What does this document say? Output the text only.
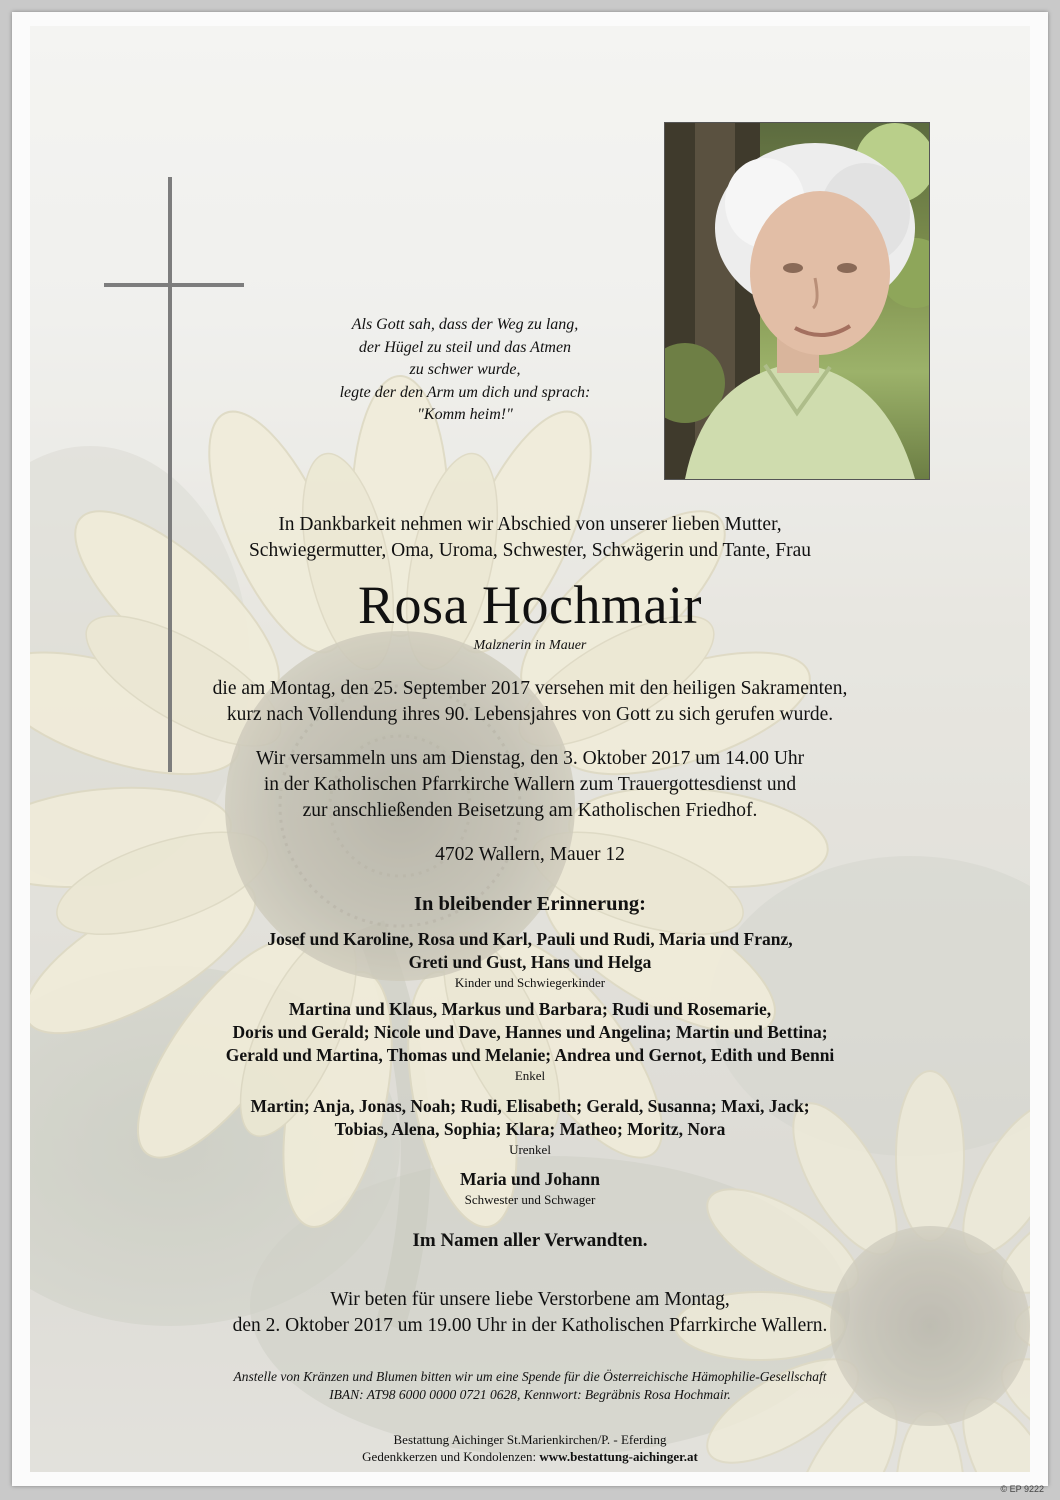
Als Gott sah, dass der Weg zu lang,
der Hügel zu steil und das Atmen
zu schwer wurde,
legte der den Arm um dich und sprach:
"Komm heim!"
In Dankbarkeit nehmen wir Abschied von unserer lieben Mutter,
Schwiegermutter, Oma, Uroma, Schwester, Schwägerin und Tante, Frau
Rosa Hochmair
Malznerin in Mauer
die am Montag, den 25. September 2017 versehen mit den heiligen Sakramenten,
kurz nach Vollendung ihres 90. Lebensjahres von Gott zu sich gerufen wurde.
Wir versammeln uns am Dienstag, den 3. Oktober 2017 um 14.00 Uhr
in der Katholischen Pfarrkirche Wallern zum Trauergottesdienst und
zur anschließenden Beisetzung am Katholischen Friedhof.
4702 Wallern, Mauer 12
In bleibender Erinnerung:
Josef und Karoline, Rosa und Karl, Pauli und Rudi, Maria und Franz,
Greti und Gust, Hans und Helga
Kinder und Schwiegerkinder
Martina und Klaus, Markus und Barbara; Rudi und Rosemarie,
Doris und Gerald; Nicole und Dave, Hannes und Angelina; Martin und Bettina;
Gerald und Martina, Thomas und Melanie; Andrea und Gernot, Edith und Benni
Enkel
Martin; Anja, Jonas, Noah; Rudi, Elisabeth; Gerald, Susanna; Maxi, Jack;
Tobias, Alena, Sophia; Klara; Matheo; Moritz, Nora
Urenkel
Maria und Johann
Schwester und Schwager
Im Namen aller Verwandten.
Wir beten für unsere liebe Verstorbene am Montag,
den 2. Oktober 2017 um 19.00 Uhr in der Katholischen Pfarrkirche Wallern.
Anstelle von Kränzen und Blumen bitten wir um eine Spende für die Österreichische Hämophilie-Gesellschaft
IBAN: AT98 6000 0000 0721 0628, Kennwort: Begräbnis Rosa Hochmair.
Bestattung Aichinger St.Marienkirchen/P. - Eferding
Gedenkkerzen und Kondolenzen: www.bestattung-aichinger.at
© EP 9222
